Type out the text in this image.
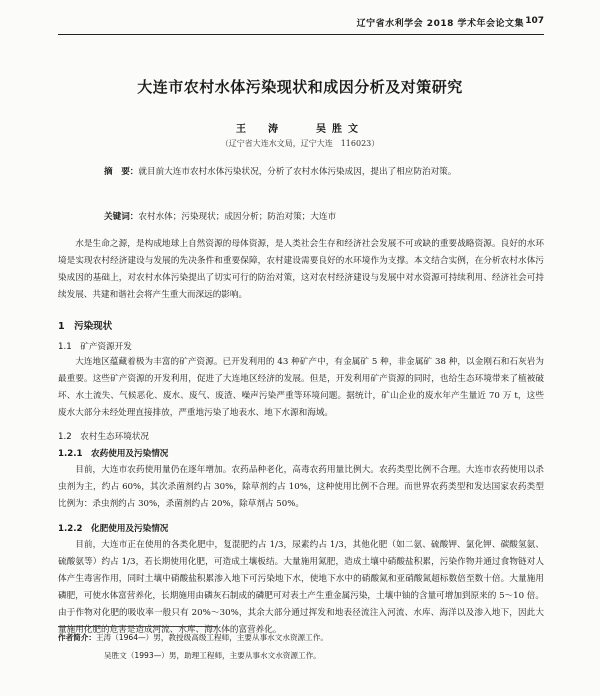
辽宁省水利学会 2018 学术年会论文集 107
大连市农村水体污染现状和成因分析及对策研究
王　涛　　吴胜文
（辽宁省大连水文局，辽宁大连　116023）
摘　要：就目前大连市农村水体污染状况，分析了农村水体污染成因，提出了相应防治对策。
关键词：农村水体；污染现状；成因分析；防治对策；大连市
水是生命之源，是构成地球上自然资源的母体资源，是人类社会生存和经济社会发展不可或缺的重要战略资源。良好的水环境是实现农村经济建设与发展的先决条件和重要保障，农村建设需要良好的水环境作为支撑。本文结合实例，在分析农村水体污染成因的基础上，对农村水体污染提出了切实可行的防治对策，这对农村经济建设与发展中对水资源可持续利用、经济社会可持续发展、共建和谐社会将产生重大而深远的影响。
1　污染现状
1.1　矿产资源开发
大连地区蕴藏着极为丰富的矿产资源。已开发利用的 43 种矿产中，有金属矿 5 种，非金属矿 38 种，以金刚石和石灰岩为最重要。这些矿产资源的开发利用，促进了大连地区经济的发展。但是，开发利用矿产资源的同时，也给生态环境带来了植被破坏、水土流失、气候恶化、废水、废气、废渣、噪声污染严重等环境问题。据统计，矿山企业的废水年产生量近 70 万 t，这些废水大部分未经处理直接排放，严重地污染了地表水、地下水源和海域。
1.2　农村生态环境状况
1.2.1　农药使用及污染情况
目前，大连市农药使用量仍在逐年增加。农药品种老化，高毒农药用量比例大。农药类型比例不合理。大连市农药使用以杀虫剂为主，约占 60%，其次杀菌剂约占 30%，除草剂约占 10%，这种使用比例不合理。而世界农药类型和发达国家农药类型比例为：杀虫剂约占 30%，杀菌剂约占 20%，除草剂占 50%。
1.2.2　化肥使用及污染情况
目前，大连市正在使用的各类化肥中，复混肥约占 1/3，尿素约占 1/3，其他化肥（如二氨、硫酸钾、氯化钾、碳酸氢氨、硫酸氨等）约占 1/3，若长期使用化肥，可造成土壤板结。大量施用氮肥，造成土壤中硝酸盐积累，污染作物并通过食物链对人体产生毒害作用，同时土壤中硝酸盐积累渗入地下可污染地下水，使地下水中的硝酸氮和亚硝酸氮超标数倍至数十倍。大量施用磷肥，可使水体富营养化，长期施用由磷灰石制成的磷肥可对表土产生重金属污染，土壤中铀的含量可增加到原来的 5～10 倍。由于作物对化肥的吸收率一般只有 20%～30%，其余大部分通过挥发和地表径流注入河流、水库、海洋以及渗入地下，因此大量施用化肥的危害是造成河流、水库、海水体的富营养化。
作者简介：王涛（1964—）男，教授级高级工程师，主要从事水文水资源工作。
吴胜文（1993—）男，助理工程师，主要从事水文水资源工作。
